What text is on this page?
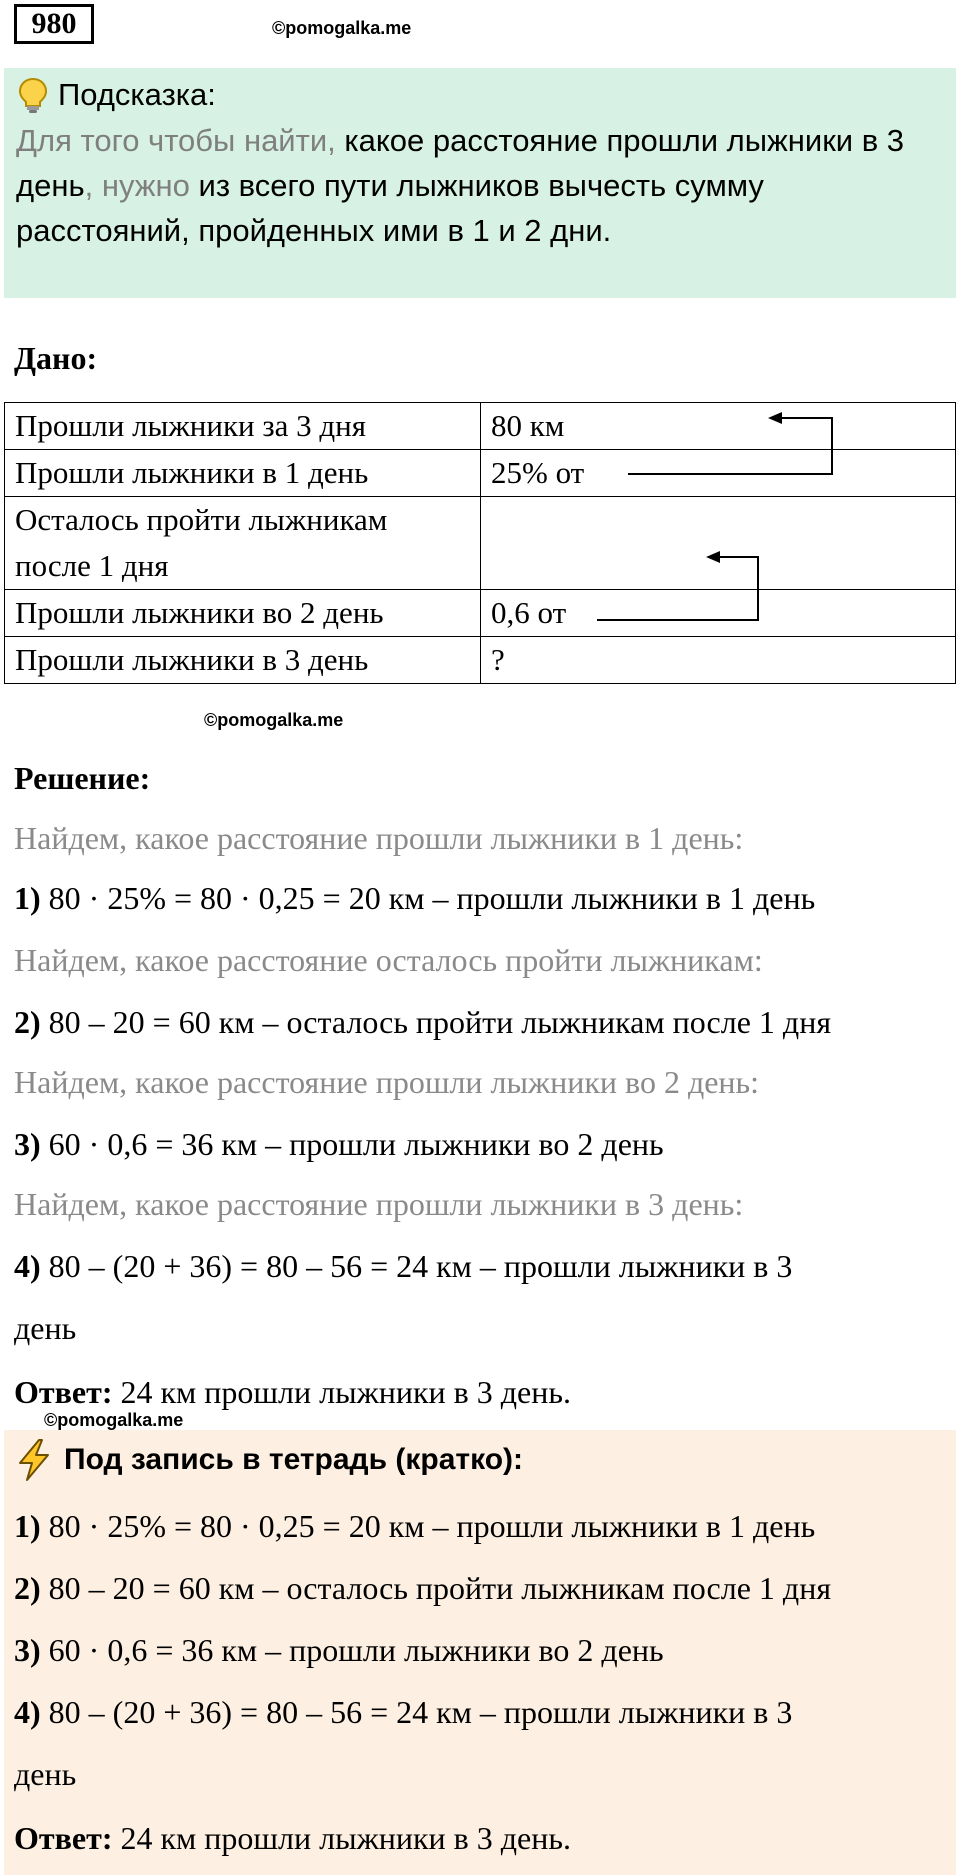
980	©pomogalka.me
Подсказка:
Для того чтобы найти, какое расстояние прошли лыжники в 3 день, нужно из всего пути лыжников вычесть сумму расстояний, пройденных ими в 1 и 2 дни.
Дано:
Прошли лыжники за 3 дня	80 км
Прошли лыжники в 1 день	25% от
Осталось пройти лыжникам после 1 дня	
Прошли лыжники во 2 день	0,6 от
Прошли лыжники в 3 день	?
©pomogalka.me
Решение:
Найдем, какое расстояние прошли лыжники в 1 день:
1) 80 · 25% = 80 · 0,25 = 20 км – прошли лыжники в 1 день
Найдем, какое расстояние осталось пройти лыжникам:
2) 80 – 20 = 60 км – осталось пройти лыжникам после 1 дня
Найдем, какое расстояние прошли лыжники во 2 день:
3) 60 · 0,6 = 36 км – прошли лыжники во 2 день
Найдем, какое расстояние прошли лыжники в 3 день:
4) 80 – (20 + 36) = 80 – 56 = 24 км – прошли лыжники в 3
день
Ответ: 24 км прошли лыжники в 3 день.
©pomogalka.me
Под запись в тетрадь (кратко):
1) 80 · 25% = 80 · 0,25 = 20 км – прошли лыжники в 1 день
2) 80 – 20 = 60 км – осталось пройти лыжникам после 1 дня
3) 60 · 0,6 = 36 км – прошли лыжники во 2 день
4) 80 – (20 + 36) = 80 – 56 = 24 км – прошли лыжники в 3
день
Ответ: 24 км прошли лыжники в 3 день.
